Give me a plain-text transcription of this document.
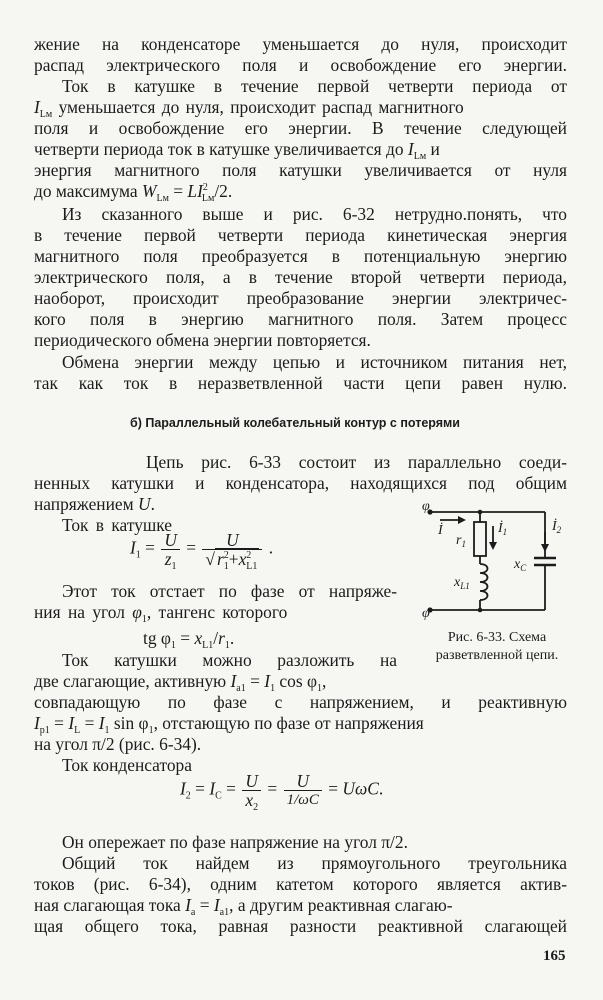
жение на конденсаторе уменьшается до нуля, происходит
распад электрического поля и освобождение его энергии.
Ток в катушке в течение первой четверти периода от
$I_{Lм}$ уменьшается до нуля, происходит распад магнитного
поля и освобождение его энергии. В течение следующей
четверти периода ток в катушке увеличивается до $I_{Lм}$ и
энергия магнитного поля катушки увеличивается от нуля
до максимума $W_{Lм} = LI^2_{Lм}/2$.
Из сказанного выше и рис. 6-32 нетрудно.понять, что
в течение первой четверти периода кинетическая энергия
магнитного поля преобразуется в потенциальную энергию
электрического поля, а в течение второй четверти периода,
наоборот, происходит преобразование энергии электричес-
кого поля в энергию магнитного поля. Затем процесс
периодического обмена энергии повторяется.
Обмена энергии между цепью и источником питания нет,
так как ток в неразветвленной части цепи равен нулю.
б) Параллельный колебательный контур с потерями
Цепь рис. 6-33 состоит из параллельно соеди-
ненных катушки и конденсатора, находящихся под общим
напряжением U.
Ток в катушке
$I_1 = \frac{U}{z_1} = \frac{U}{√ r^2_1+x^2_{L1}}$ .
Этот ток отстает по фазе от напряже-
ния на угол $\varphi_1$, тангенс которого
tg $\varphi_1 = x_{L1}/r_1$.
φ
φ
İ
$r_1$
$İ_1$	$İ_2$
$x_{L1}$
$x_C$
Рис. 6-33. Схема
разветвленной цепи.
Ток катушки можно разложить на
две слагающие, активную $I_{a1} = I_1$ $\cos \varphi_1$,
совпадающую по фазе с напряжением, и реактивную
$I_{p1} = I_L = I_1$ $\sin \varphi_1$, отстающую по фазе от напряжения
на угол π/2 (рис. 6-34).
Ток конденсатора
$I_2 = I_C = \frac{U}{x_2} = \frac{U}{1/\omega C} = U\omega C$.
Он опережает по фазе напряжение на угол π/2.
Общий ток найдем из прямоугольного треугольника
токов (рис. 6-34), одним катетом которого является актив-
ная слагающая тока $I_a = I_{a1}$, а другим реактивная слагаю-
щая общего тока, равная разности реактивной слагающей
165
